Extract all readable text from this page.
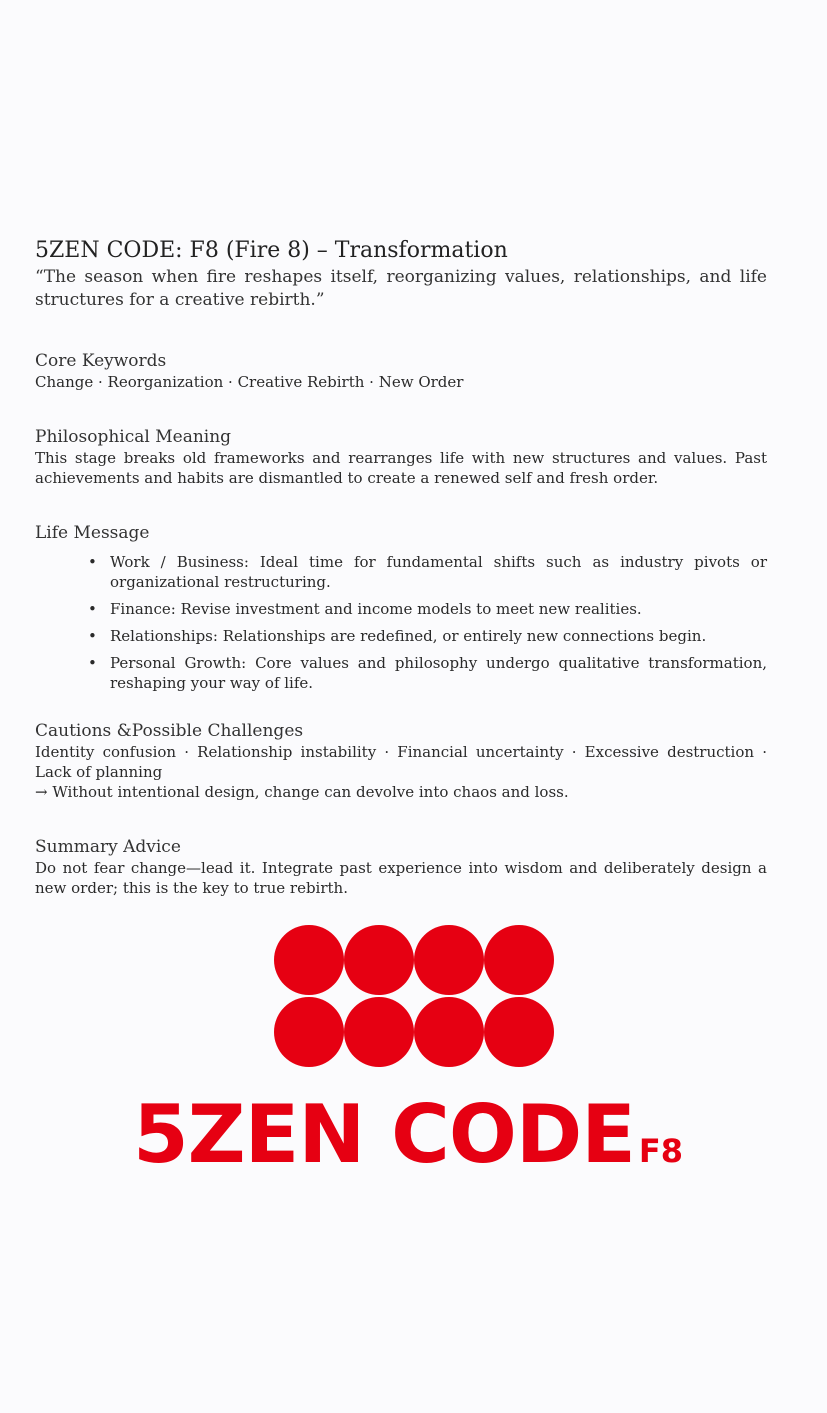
5ZEN CODE: F8 (Fire 8) – Transformation

“The season when fire reshapes itself, reorganizing values, relationships, and life structures for a creative rebirth.”

Core Keywords

Change · Reorganization · Creative Rebirth · New Order

Philosophical Meaning

This stage breaks old frameworks and rearranges life with new structures and values. Past achievements and habits are dismantled to create a renewed self and fresh order.

Life Message
• Work / Business: Ideal time for fundamental shifts such as industry pivots or organizational restructuring.
• Finance: Revise investment and income models to meet new realities.
• Relationships: Relationships are redefined, or entirely new connections begin.
• Personal Growth: Core values and philosophy undergo qualitative transformation, reshaping your way of life.
Cautions &Possible Challenges

Identity confusion · Relationship instability · Financial uncertainty · Excessive destruction · Lack of planning

→ Without intentional design, change can devolve into chaos and loss.

Summary Advice

Do not fear change—lead it. Integrate past experience into wisdom and deliberately design a new order; this is the key to true rebirth.

5ZEN CODE F8
